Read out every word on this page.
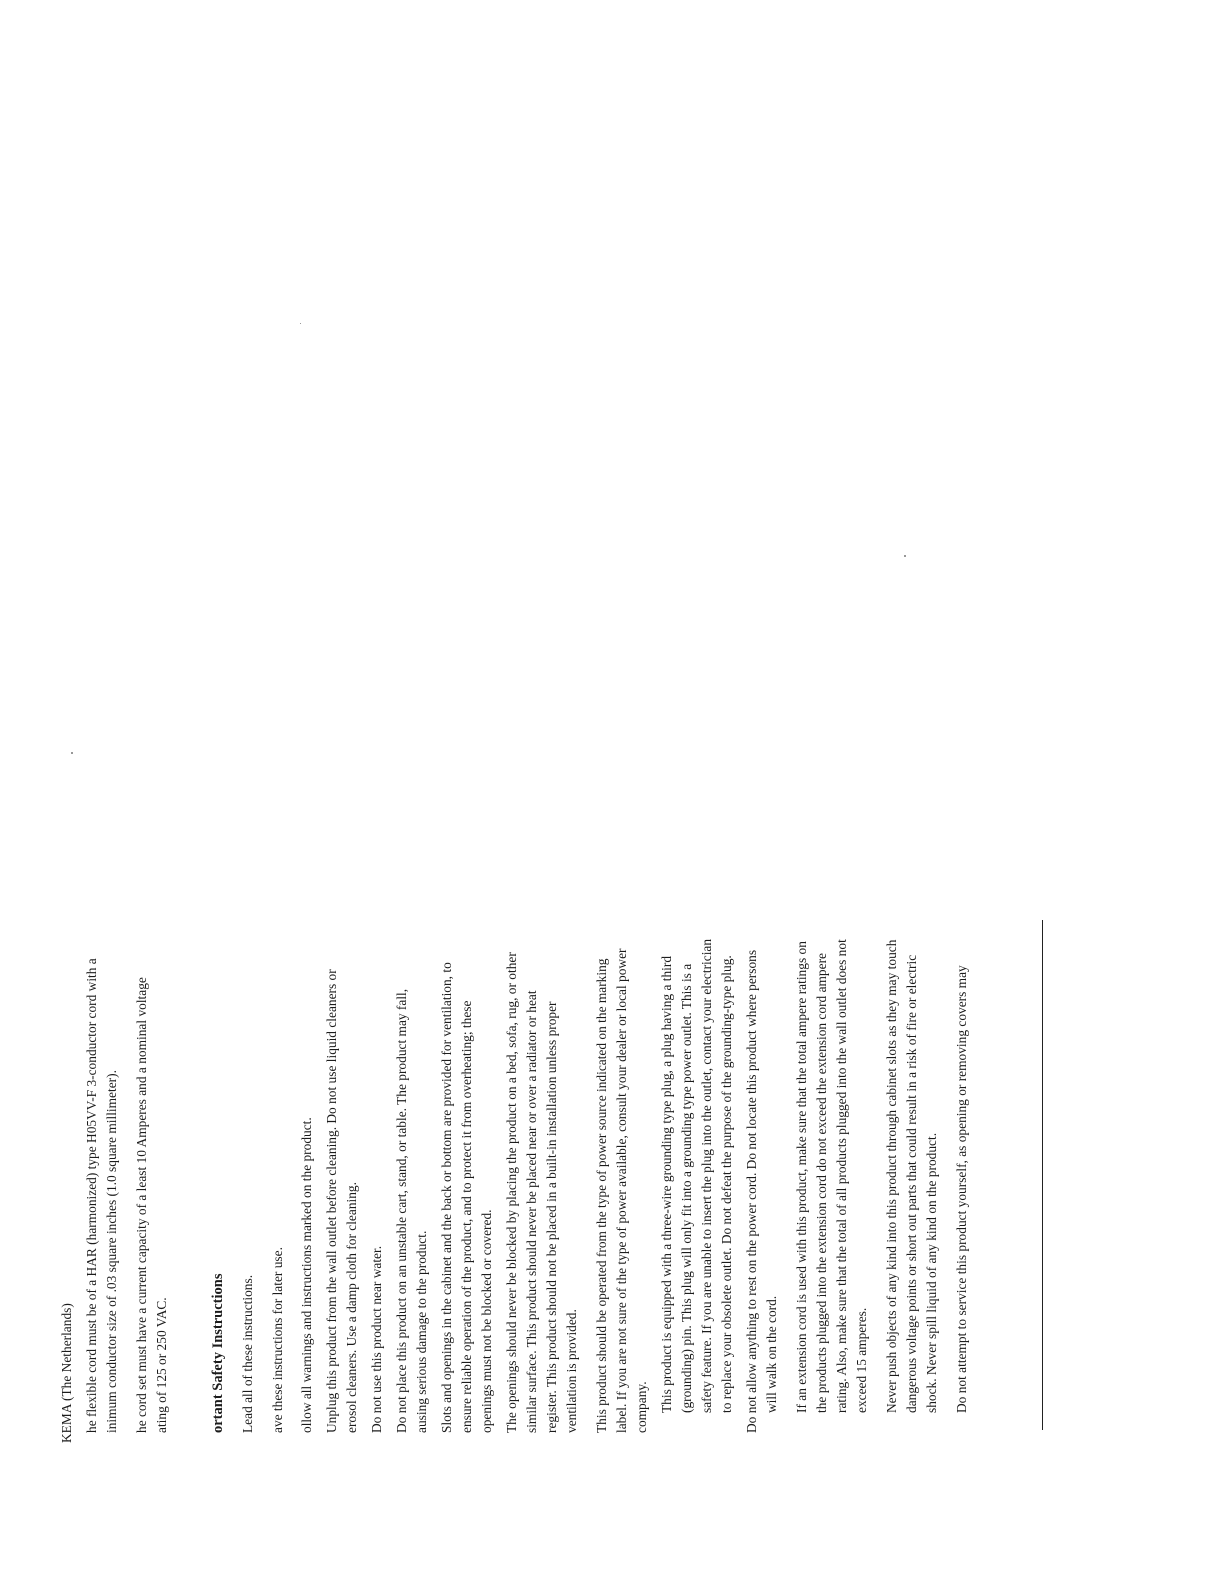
KEMA (The Netherlands) he flexible cord must be of a HAR (harmonized) type H05VV-F 3-conductor cord with a inimum conductor size of .03 square inches (1.0 square millimeter). he cord set must have a current capacity of a least 10 Amperes and a nominal voltage ating of 125 or 250 VAC.	ortant Safety Instructions Lead all of these instructions. ave these instructions for later use. ollow all warnings and instructions marked on the product. Unplug this product from the wall outlet before cleaning. Do not use liquid cleaners or erosol cleaners. Use a damp cloth for cleaning. Do not use this product near water. Do not place this product on an unstable cart, stand, or table. The product may fall, ausing serious damage to the product. Slots and openings in the cabinet and the back or bottom are provided for ventilation, to ensure reliable operation of the product, and to protect it from overheating; these openings must not be blocked or covered. The openings should never be blocked by placing the product on a bed, sofa, rug, or other similar surface. This product should never be placed near or over a radiator or heat register. This product should not be placed in a built-in installation unless proper ventilation is provided. This product should be operated from the type of power source indicated on the marking label. If you are not sure of the type of power available, consult your dealer or local power company. This product is equipped with a three-wire grounding type plug, a plug having a third (grounding) pin. This plug will only fit into a grounding type power outlet. This is a safety feature. If you are unable to insert the plug into the outlet, contact your electrician to replace your obsolete outlet. Do not defeat the purpose of the grounding-type plug. Do not allow anything to rest on the power cord. Do not locate this product where persons will walk on the cord. If an extension cord is used with this product, make sure that the total ampere ratings on the products plugged into the extension cord do not exceed the extension cord ampere rating. Also, make sure that the total of all products plugged into the wall outlet does not exceed 15 amperes. Never push objects of any kind into this product through cabinet slots as they may touch dangerous voltage points or short out parts that could result in a risk of fire or electric shock. Never spill liquid of any kind on the product. Do not attempt to service this product yourself, as opening or removing covers may
